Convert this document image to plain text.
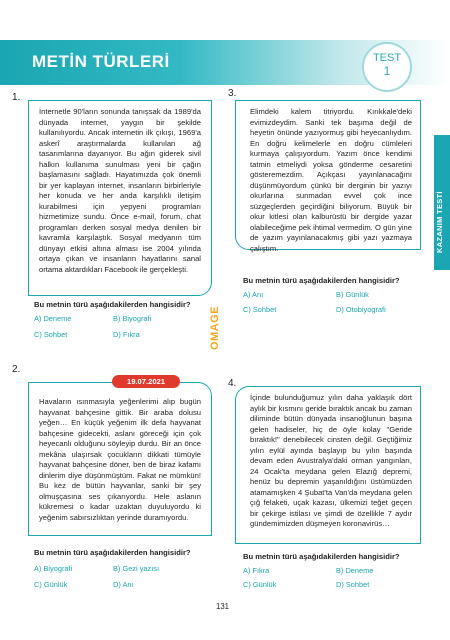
METİN TÜRLERİ	TEST
1
KAZANIM TESTİ
1.

İnternetle 90'ların sonunda tanışsak da 1989'da dünyada internet, yaygın bir şekilde kullanılıyordu. Ancak internetin ilk çıkışı, 1969'a askerî araştırmalarda kullanılan ağ tasarımlarına dayanıyor. Bu ağın giderek sivil halkın kullanıma sunulması yeni bir çağın başlamasını sağladı. Hayatımızda çok önemli bir yer kaplayan internet, insanların birbirleriyle her konuda ve her anda karşılıklı iletişim kurabilmesi için yepyeni programları hizmetimize sundu. Önce e-mail, forum, chat programları derken sosyal medya denilen bir kavramla karşılaştık. Sosyal medyanın tüm dünyayı etkisi altına alması ise 2004 yılında ortaya çıkan ve insanların hayatlarını sanal ortama aktardıkları Facebook ile gerçekleşti.

Bu metnin türü aşağıdakilerden hangisidir?
A) Deneme	B) Biyografi
C) Sohbet	D) Fıkra
2.

Havaların ısınmasıyla yeğenlerimi alıp bugün hayvanat bahçesine gittik. Bir araba dolusu yeğen… En küçük yeğenim ilk defa hayvanat bahçesine gidecekti, aslanı göreceği için çok heyecanlı olduğunu söyleyip durdu. Bir an önce mekâna ulaşırsak çocukların dikkati tümüyle hayvanat bahçesine döner, ben de biraz kafamı dinlerim diye düşünmüştüm. Fakat ne mümkün! Bu kez de bütün hayvanlar, sanki bir şey olmuşçasına ses çıkarıyordu. Hele aslanın kükremesi o kadar uzaktan duyuluyordu ki yeğenim sabırsızlıktan yerinde duramıyordu.

19.07.2021
Bu metnin türü aşağıdakilerden hangisidir?
A) Biyografi	B) Gezi yazısı
C) Günlük	D) Anı
3.

Elimdeki kalem titriyordu. Kırıkkale'deki evimizdeydim. Sanki tek başıma değil de heyetin önünde yazıyormuş gibi heyecanlıydım. En doğru kelimelerle en doğru cümleleri kurmaya çalışıyordum. Yazım önce kendimi tatmin etmeliydi yoksa gönderme cesaretini gösteremezdim. Açıkçası yayınlanacağını düşünmüyordum çünkü bir derginin bir yazıyı okurlarına sunmadan evvel çok ince süzgeçlerden geçirdiğini biliyorum. Büyük bir okur kitlesi olan kalburüstü bir dergide yazar olabileceğime pek ihtimal vermedim. O gün yine de yazım yayınlanacakmış gibi yazı yazmaya çalıştım.

Bu metnin türü aşağıdakilerden hangisidir?
A) Anı	B) Günlük
C) Sohbet	D) Otobiyografi
OMAGE
4.

İçinde bulunduğumuz yılın daha yaklaşık dört aylık bir kısmını geride bıraktık ancak bu zaman diliminde bütün dünyada insanoğlunun başına gelen hadiseler, hiç de öyle kolay "Geride bıraktık!" denebilecek cinsten değil. Geçtiğimiz yılın eylül ayında başlayıp bu yılın başında devam eden Avustralya'daki orman yangınları, 24 Ocak'ta meydana gelen Elazığ depremi, henüz bu depremin yaşanıldığını üstümüzden atamamışken 4 Şubat'ta Van'da meydana gelen çığ felaketi, uçak kazası, ülkemizi teğet geçen bir çekirge istilası ve şimdi de özellikle 7 aydır gündemimizden düşmeyen koronavirüs…

Bu metnin türü aşağıdakilerden hangisidir?
A) Fıkra	B) Deneme
C) Günlük	D) Sohbet
131
